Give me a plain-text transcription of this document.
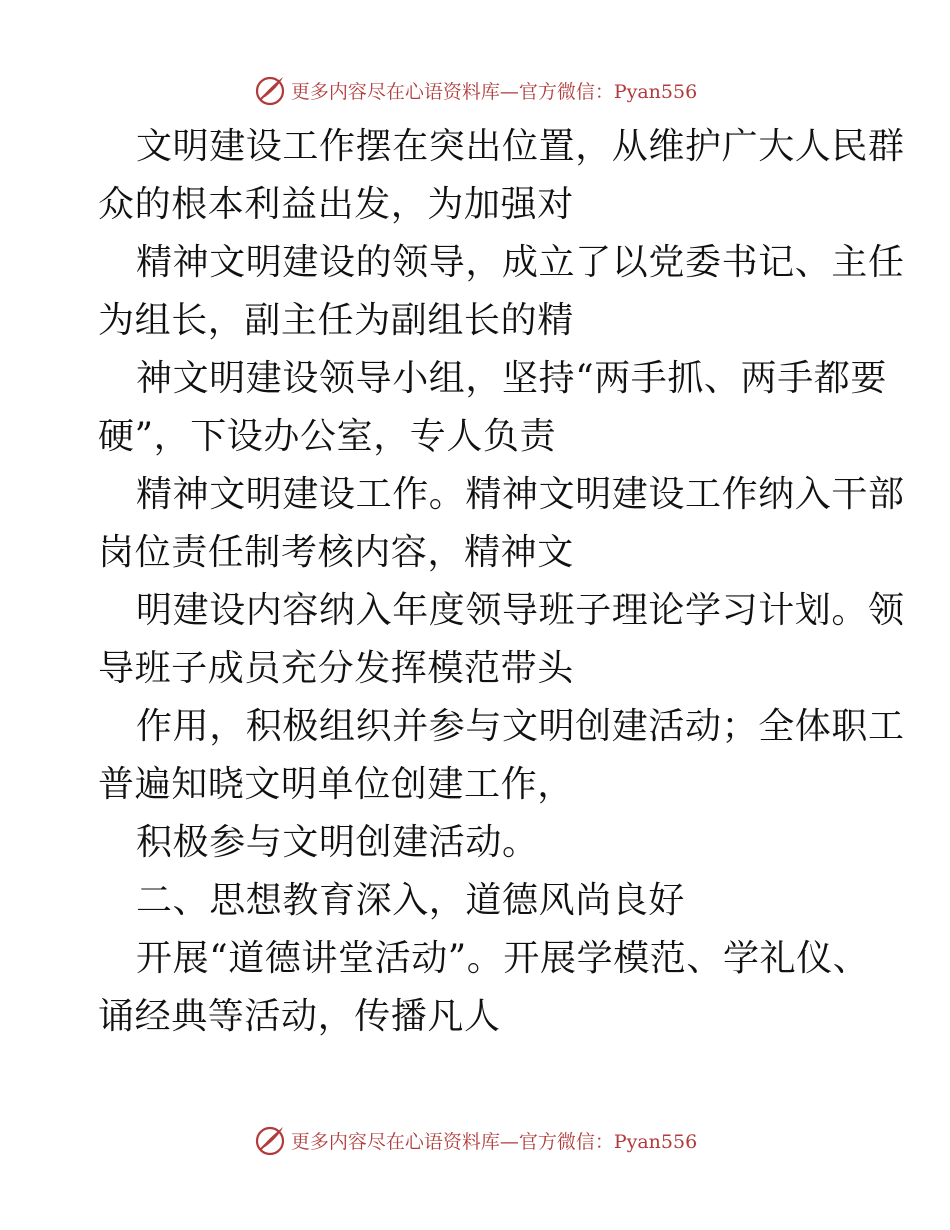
更多内容尽在心语资料库—官方微信：Pyan556

文明建设工作摆在突出位置，从维护广大人民群
众的根本利益出发，为加强对

精神文明建设的领导，成立了以党委书记、主任
为组长，副主任为副组长的精

神文明建设领导小组，坚持“两手抓、两手都要
硬”，下设办公室，专人负责

精神文明建设工作。精神文明建设工作纳入干部
岗位责任制考核内容，精神文

明建设内容纳入年度领导班子理论学习计划。领
导班子成员充分发挥模范带头

作用，积极组织并参与文明创建活动；全体职工
普遍知晓文明单位创建工作，

积极参与文明创建活动。

二、思想教育深入，道德风尚良好

开展“道德讲堂活动”。开展学模范、学礼仪、
诵经典等活动，传播凡人

更多内容尽在心语资料库—官方微信：Pyan556
